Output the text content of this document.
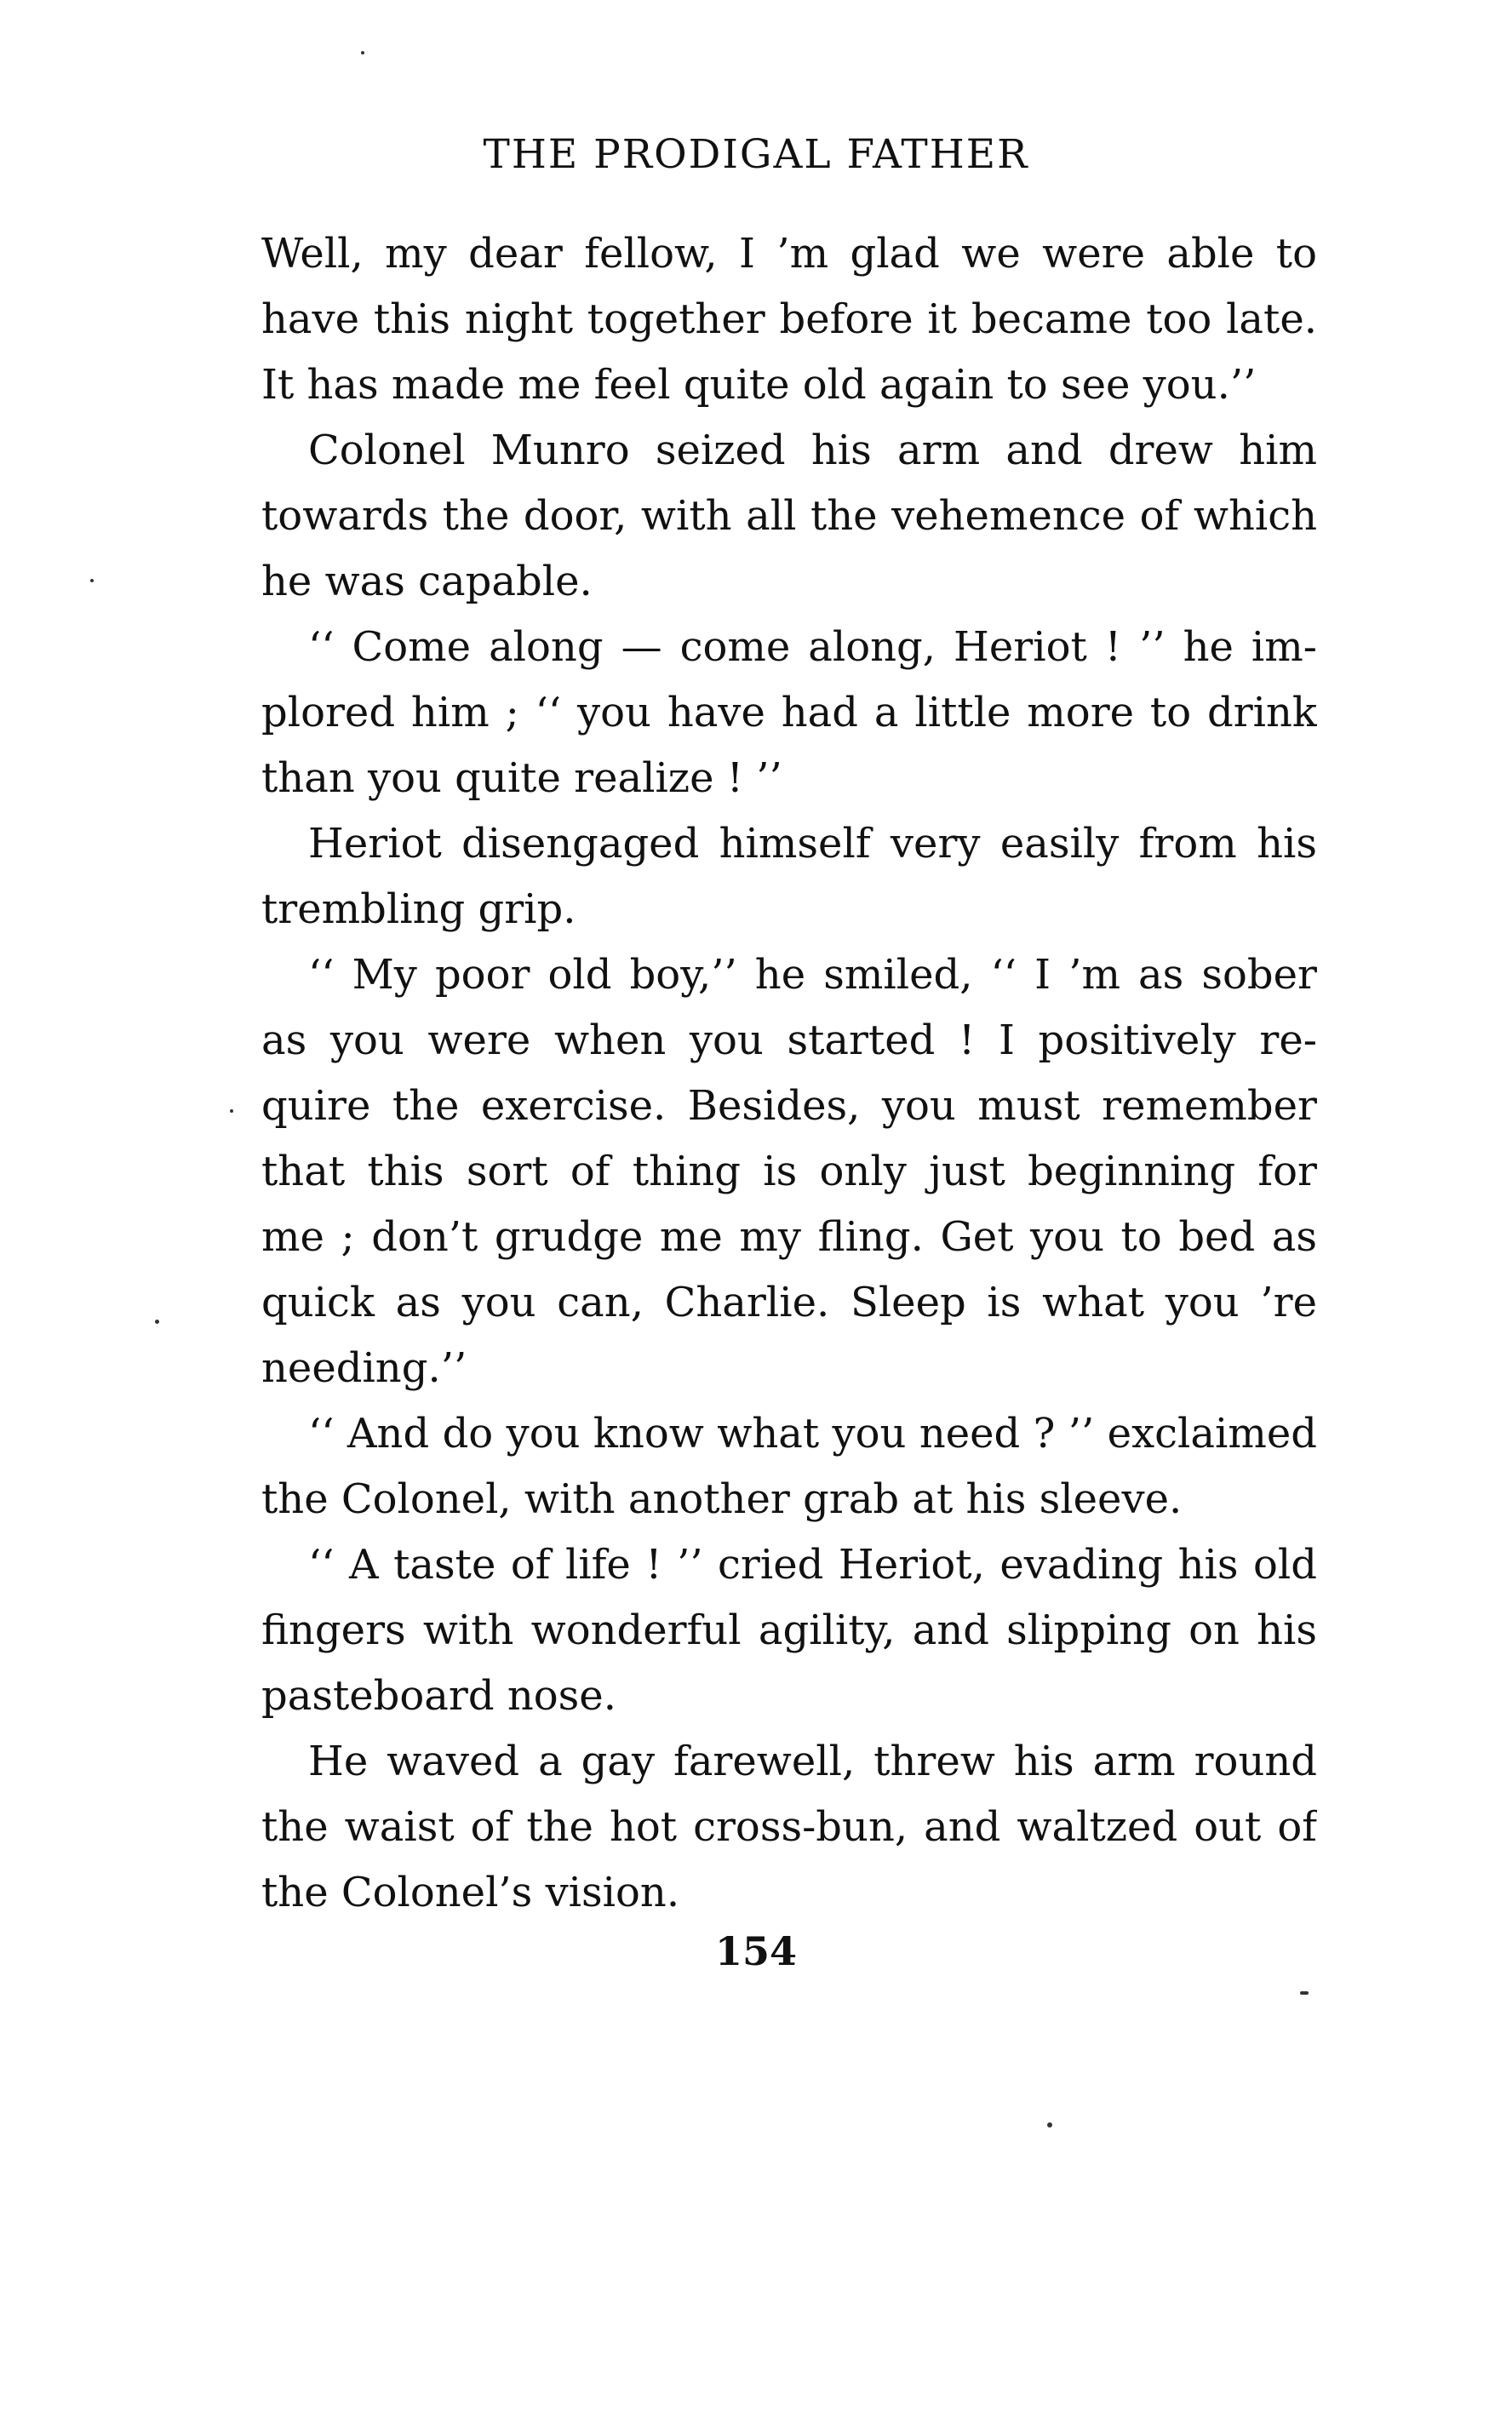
THE PRODIGAL FATHER
Well, my dear fellow, I ’m glad we were able to
have this night together before it became too late.
It has made me feel quite old again to see you.’’
Colonel Munro seized his arm and drew him
towards the door, with all the vehemence of which
he was capable.
‘‘ Come along — come along, Heriot ! ’’ he im-
plored him ; ‘‘ you have had a little more to drink
than you quite realize ! ’’
Heriot disengaged himself very easily from his
trembling grip.
‘‘ My poor old boy,’’ he smiled, ‘‘ I ’m as sober
as you were when you started ! I positively re-
quire the exercise. Besides, you must remember
that this sort of thing is only just beginning for
me ; don’t grudge me my fling. Get you to bed as
quick as you can, Charlie. Sleep is what you ’re
needing.’’
‘‘ And do you know what you need ? ’’ exclaimed
the Colonel, with another grab at his sleeve.
‘‘ A taste of life ! ’’ cried Heriot, evading his old
fingers with wonderful agility, and slipping on his
pasteboard nose.
He waved a gay farewell, threw his arm round
the waist of the hot cross-bun, and waltzed out of
the Colonel’s vision.
154
